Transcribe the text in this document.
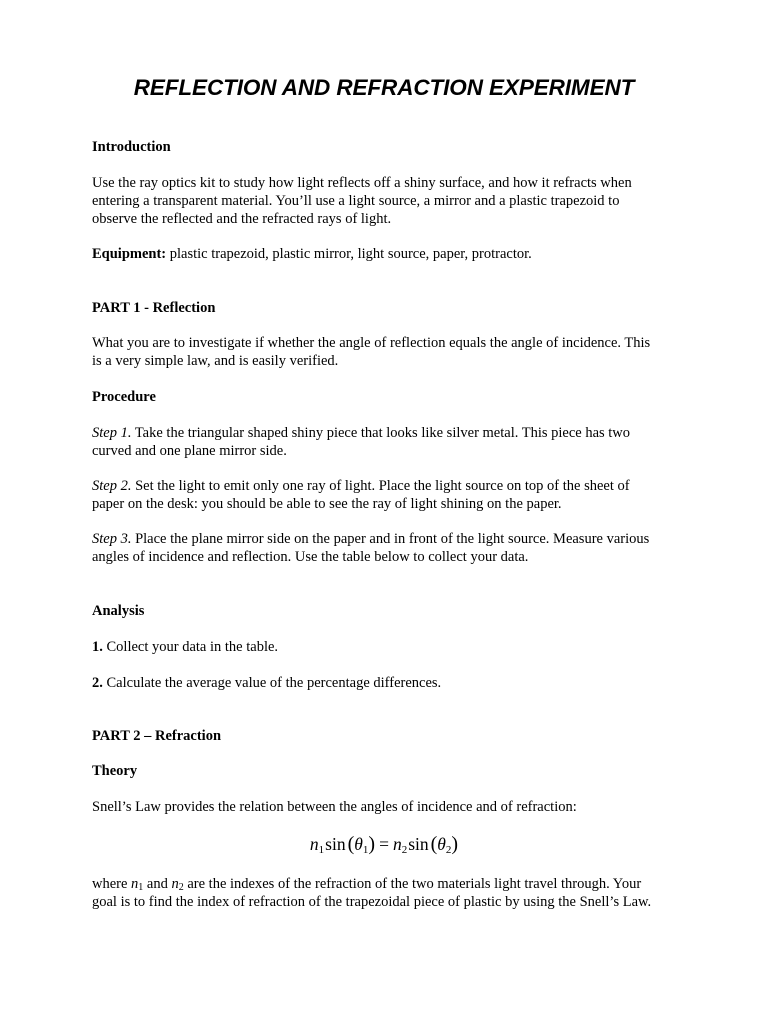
REFLECTION AND REFRACTION EXPERIMENT
Introduction
Use the ray optics kit to study how light reflects off a shiny surface, and how it refracts when
entering a transparent material. You’ll use a light source, a mirror and a plastic trapezoid to
observe the reflected and the refracted rays of light.
Equipment: plastic trapezoid, plastic mirror, light source, paper, protractor.
PART 1 - Reflection
What you are to investigate if whether the angle of reflection equals the angle of incidence. This
is a very simple law, and is easily verified.
Procedure
Step 1. Take the triangular shaped shiny piece that looks like silver metal. This piece has two
curved and one plane mirror side.
Step 2. Set the light to emit only one ray of light. Place the light source on top of the sheet of
paper on the desk: you should be able to see the ray of light shining on the paper.
Step 3. Place the plane mirror side on the paper and in front of the light source. Measure various
angles of incidence and reflection. Use the table below to collect your data.
Analysis
1. Collect your data in the table.
2. Calculate the average value of the percentage differences.
PART 2 – Refraction
Theory
Snell’s Law provides the relation between the angles of incidence and of refraction:
$n_1\sin$ $(\theta_1) = n_2\sin$ $(\theta_2)$
where $n_1$ and $n_2$ are the indexes of the refraction of the two materials light travel through. Your
goal is to find the index of refraction of the trapezoidal piece of plastic by using the Snell’s Law.
